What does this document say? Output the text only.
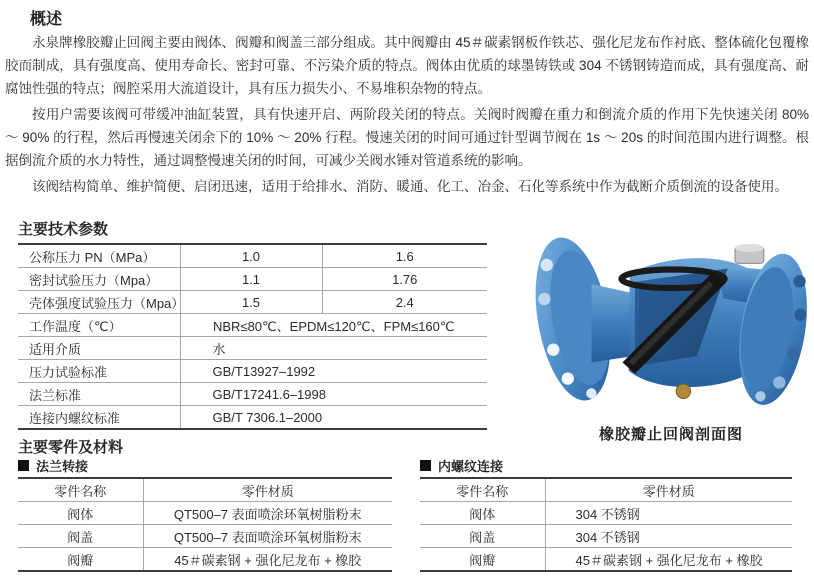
概述

永泉牌橡胶瓣止回阀主要由阀体、阀瓣和阀盖三部分组成。其中阀瓣由 45＃碳素钢板作铁芯、强化尼龙布作衬底、整体硫化包覆橡胶而制成，具有强度高、使用寿命长、密封可靠、不污染介质的特点。阀体由优质的球墨铸铁或 304 不锈钢铸造而成，具有强度高、耐腐蚀性强的特点；阀腔采用大流道设计，具有压力损失小、不易堆积杂物的特点。

按用户需要该阀可带缓冲油缸装置，具有快速开启、两阶段关闭的特点。关阀时阀瓣在重力和倒流介质的作用下先快速关闭 80% ～ 90% 的行程，然后再慢速关闭余下的 10% ～ 20% 行程。慢速关闭的时间可通过针型调节阀在 1s ～ 20s 的时间范围内进行调整。根据倒流介质的水力特性，通过调整慢速关闭的时间，可减少关阀水锤对管道系统的影响。

该阀结构简单、维护简便、启闭迅速，适用于给排水、消防、暖通、化工、冶金、石化等系统中作为截断介质倒流的设备使用。

主要技术参数
公称压力 PN（MPa）	1.0	1.6
密封试验压力（Mpa）	1.1	1.76
壳体强度试验压力（Mpa）	1.5	2.4
工作温度（℃）	NBR≤80℃、EPDM≤120℃、FPM≤160℃	
适用介质	水	
压力试验标准	GB/T13927–1992	
法兰标准	GB/T17241.6–1998	
连接内螺纹标准	GB/T 7306.1–2000	
橡胶瓣止回阀剖面图
主要零件及材料
法兰转接
零件名称	零件材质
阀体	QT500–7 表面喷涂环氧树脂粉末
阀盖	QT500–7 表面喷涂环氧树脂粉末
阀瓣	45＃碳素钢 + 强化尼龙布 + 橡胶
内螺纹连接
零件名称	零件材质
阀体	304 不锈钢
阀盖	304 不锈钢
阀瓣	45＃碳素钢 + 强化尼龙布 + 橡胶
